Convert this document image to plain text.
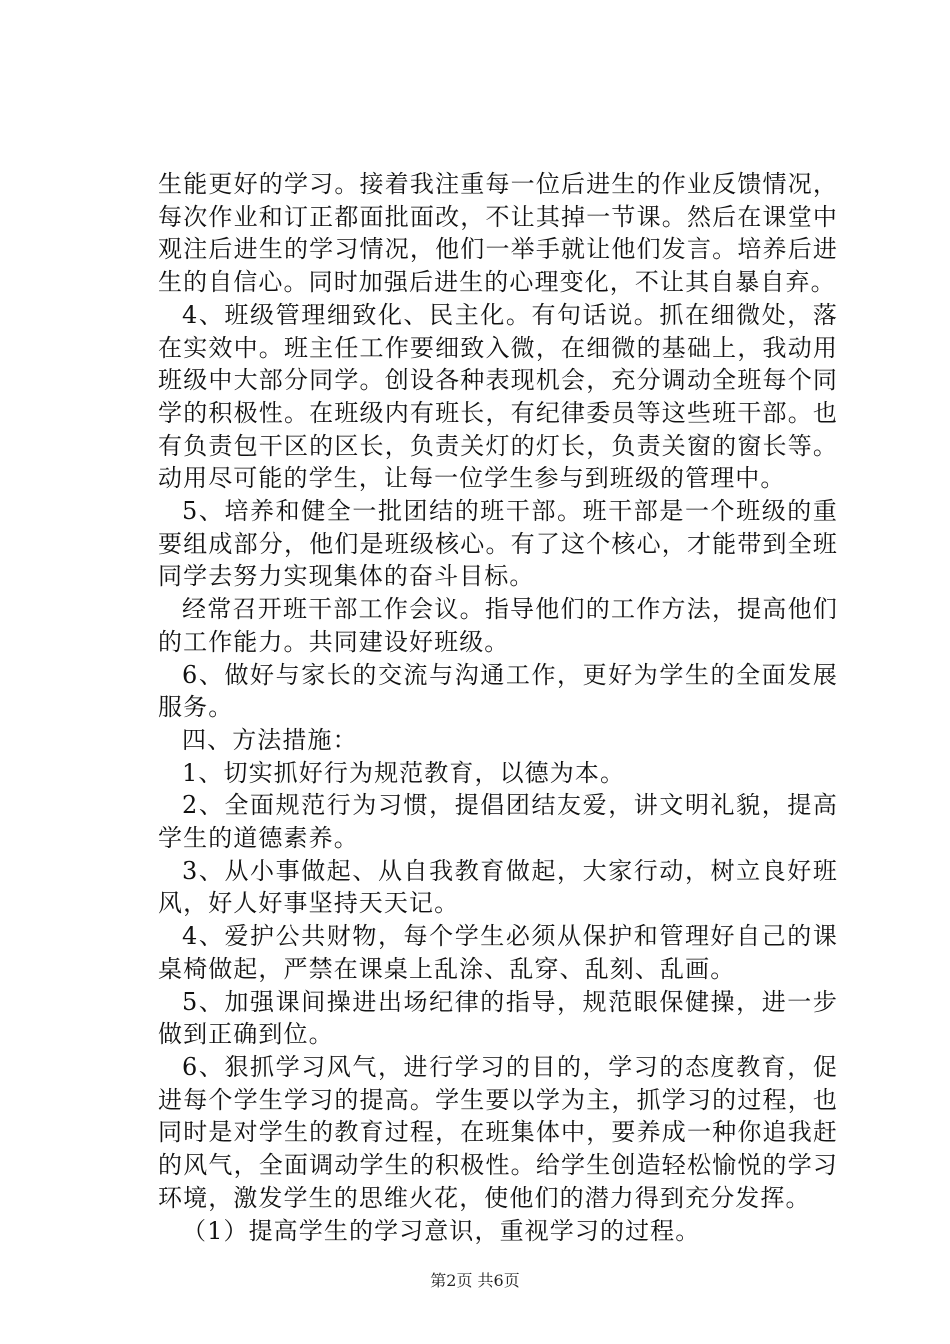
生能更好的学习。接着我注重每一位后进生的作业反馈情况，每次作业和订正都面批面改，不让其掉一节课。然后在课堂中观注后进生的学习情况，他们一举手就让他们发言。培养后进生的自信心。同时加强后进生的心理变化，不让其自暴自弃。

4、班级管理细致化、民主化。有句话说。抓在细微处，落在实效中。班主任工作要细致入微，在细微的基础上，我动用班级中大部分同学。创设各种表现机会，充分调动全班每个同学的积极性。在班级内有班长，有纪律委员等这些班干部。也有负责包干区的区长，负责关灯的灯长，负责关窗的窗长等。动用尽可能的学生，让每一位学生参与到班级的管理中。

5、培养和健全一批团结的班干部。班干部是一个班级的重要组成部分，他们是班级核心。有了这个核心，才能带到全班同学去努力实现集体的奋斗目标。

经常召开班干部工作会议。指导他们的工作方法，提高他们的工作能力。共同建设好班级。

6、做好与家长的交流与沟通工作，更好为学生的全面发展服务。

四、方法措施：

1、切实抓好行为规范教育，以德为本。

2、全面规范行为习惯，提倡团结友爱，讲文明礼貌，提高学生的道德素养。

3、从小事做起、从自我教育做起，大家行动，树立良好班风，好人好事坚持天天记。

4、爱护公共财物，每个学生必须从保护和管理好自己的课桌椅做起，严禁在课桌上乱涂、乱穿、乱刻、乱画。

5、加强课间操进出场纪律的指导，规范眼保健操，进一步做到正确到位。

6、狠抓学习风气，进行学习的目的，学习的态度教育，促进每个学生学习的提高。学生要以学为主，抓学习的过程，也同时是对学生的教育过程，在班集体中，要养成一种你追我赶的风气，全面调动学生的积极性。给学生创造轻松愉悦的学习环境，激发学生的思维火花，使他们的潜力得到充分发挥。

（1）提高学生的学习意识，重视学习的过程。

第2页 共6页
